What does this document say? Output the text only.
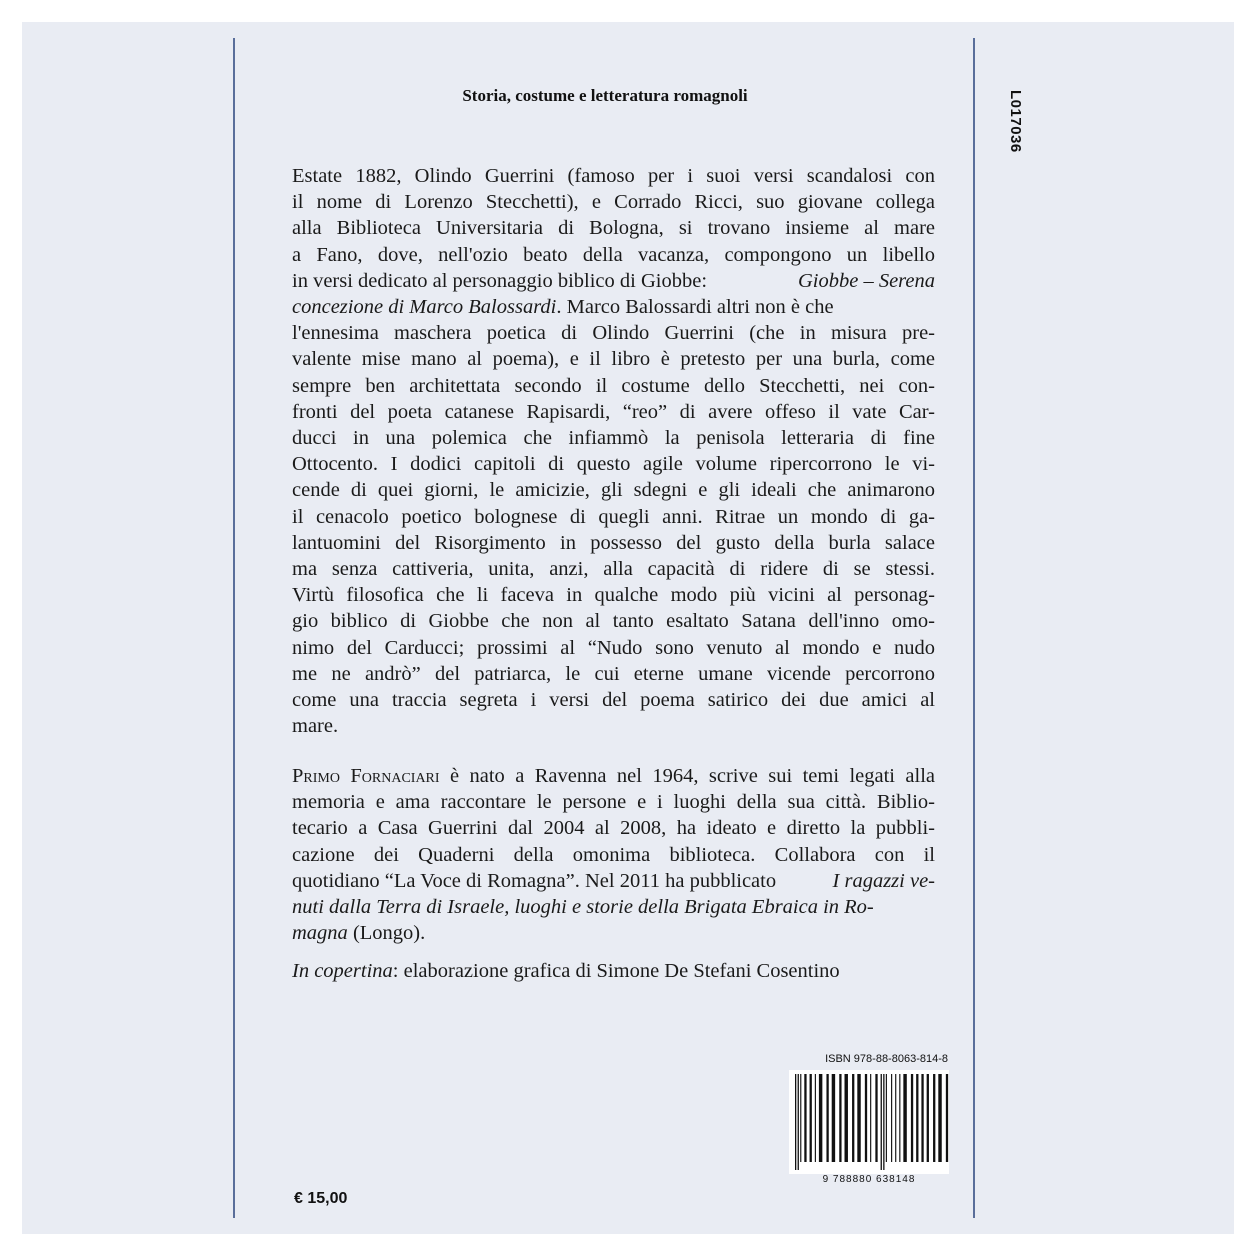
Storia, costume e letteratura romagnoli	L017036
Estate 1882, Olindo Guerrini (famoso per i suoi versi scandalosi con
il nome di Lorenzo Stecchetti), e Corrado Ricci, suo giovane collega
alla Biblioteca Universitaria di Bologna, si trovano insieme al mare
a Fano, dove, nell'ozio beato della vacanza, compongono un libello
in versi dedicato al personaggio biblico di Giobbe:	Giobbe – Serena
concezione di Marco Balossardi. Marco Balossardi altri non è che
l'ennesima maschera poetica di Olindo Guerrini (che in misura pre-
valente mise mano al poema), e il libro è pretesto per una burla, come
sempre ben architettata secondo il costume dello Stecchetti, nei con-
fronti del poeta catanese Rapisardi, “reo” di avere offeso il vate Car-
ducci in una polemica che infiammò la penisola letteraria di fine
Ottocento. I dodici capitoli di questo agile volume ripercorrono le vi-
cende di quei giorni, le amicizie, gli sdegni e gli ideali che animarono
il cenacolo poetico bolognese di quegli anni. Ritrae un mondo di ga-
lantuomini del Risorgimento in possesso del gusto della burla salace
ma senza cattiveria, unita, anzi, alla capacità di ridere di se stessi.
Virtù filosofica che li faceva in qualche modo più vicini al personag-
gio biblico di Giobbe che non al tanto esaltato Satana dell'inno omo-
nimo del Carducci; prossimi al “Nudo sono venuto al mondo e nudo
me ne andrò” del patriarca, le cui eterne umane vicende percorrono
come una traccia segreta i versi del poema satirico dei due amici al
mare.
Primo Fornaciari è nato a Ravenna nel 1964, scrive sui temi legati alla
memoria e ama raccontare le persone e i luoghi della sua città. Biblio-
tecario a Casa Guerrini dal 2004 al 2008, ha ideato e diretto la pubbli-
cazione dei Quaderni della omonima biblioteca. Collabora con il
quotidiano “La Voce di Romagna”. Nel 2011 ha pubblicato	I ragazzi ve-
nuti dalla Terra di Israele, luoghi e storie della Brigata Ebraica in Ro-
magna (Longo).
In copertina: elaborazione grafica di Simone De Stefani Cosentino
ISBN 978-88-8063-814-8
9 788880 638148
€ 15,00
